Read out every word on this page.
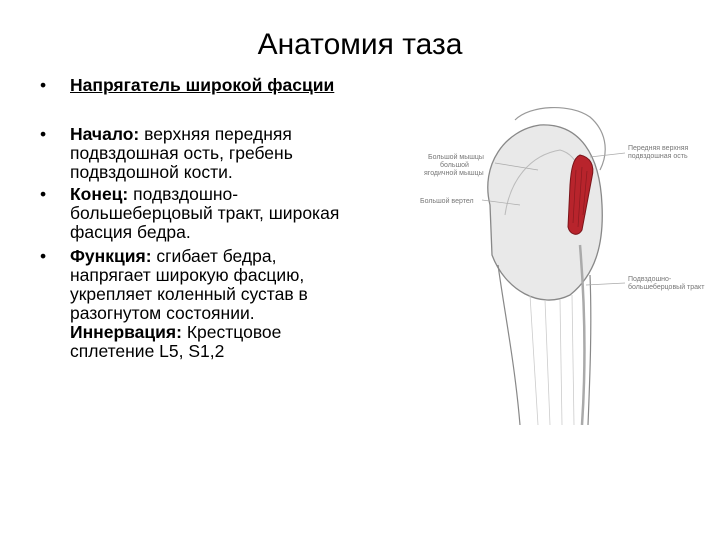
Анатомия таза
• Напрягатель широкой фасции
• Начало: верхняя передняя
подвздошная ость, гребень
подвздошной кости.
• Конец: подвздошно-
большеберцовый тракт, широкая
фасция бедра.
• Функция: сгибает бедра,
напрягает широкую фасцию,
укрепляет коленный сустав в
разогнутом состоянии.
Иннервация: Крестцовое
сплетение L5, S1,2
Передняя верхняя
подвздошная ость
Большой мышцы
большой
ягодичной мышцы
Большой вертел
Подвздошно-
большеберцовый тракт
